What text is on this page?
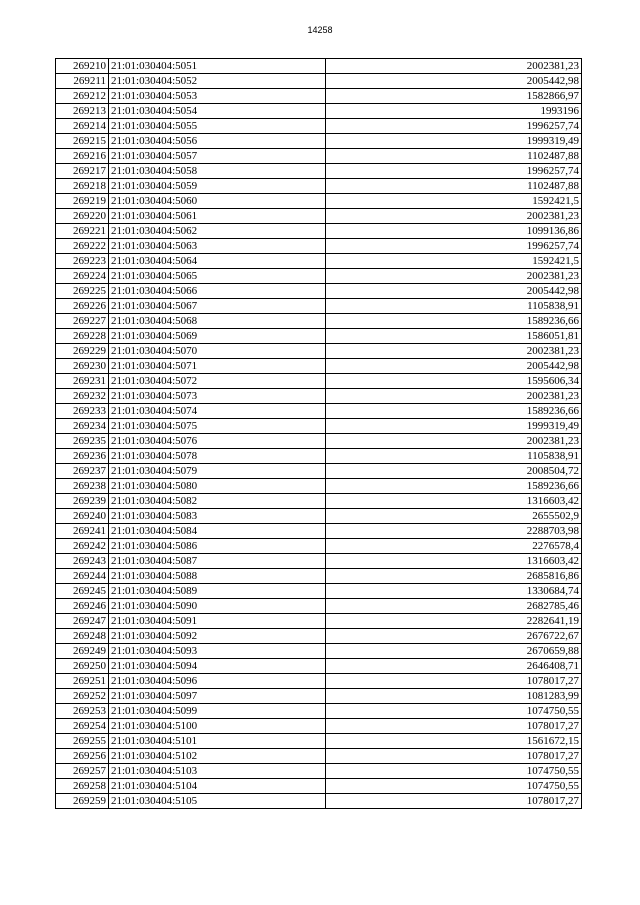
14258
269210	21:01:030404:5051	2002381,23
269211	21:01:030404:5052	2005442,98
269212	21:01:030404:5053	1582866,97
269213	21:01:030404:5054	1993196
269214	21:01:030404:5055	1996257,74
269215	21:01:030404:5056	1999319,49
269216	21:01:030404:5057	1102487,88
269217	21:01:030404:5058	1996257,74
269218	21:01:030404:5059	1102487,88
269219	21:01:030404:5060	1592421,5
269220	21:01:030404:5061	2002381,23
269221	21:01:030404:5062	1099136,86
269222	21:01:030404:5063	1996257,74
269223	21:01:030404:5064	1592421,5
269224	21:01:030404:5065	2002381,23
269225	21:01:030404:5066	2005442,98
269226	21:01:030404:5067	1105838,91
269227	21:01:030404:5068	1589236,66
269228	21:01:030404:5069	1586051,81
269229	21:01:030404:5070	2002381,23
269230	21:01:030404:5071	2005442,98
269231	21:01:030404:5072	1595606,34
269232	21:01:030404:5073	2002381,23
269233	21:01:030404:5074	1589236,66
269234	21:01:030404:5075	1999319,49
269235	21:01:030404:5076	2002381,23
269236	21:01:030404:5078	1105838,91
269237	21:01:030404:5079	2008504,72
269238	21:01:030404:5080	1589236,66
269239	21:01:030404:5082	1316603,42
269240	21:01:030404:5083	2655502,9
269241	21:01:030404:5084	2288703,98
269242	21:01:030404:5086	2276578,4
269243	21:01:030404:5087	1316603,42
269244	21:01:030404:5088	2685816,86
269245	21:01:030404:5089	1330684,74
269246	21:01:030404:5090	2682785,46
269247	21:01:030404:5091	2282641,19
269248	21:01:030404:5092	2676722,67
269249	21:01:030404:5093	2670659,88
269250	21:01:030404:5094	2646408,71
269251	21:01:030404:5096	1078017,27
269252	21:01:030404:5097	1081283,99
269253	21:01:030404:5099	1074750,55
269254	21:01:030404:5100	1078017,27
269255	21:01:030404:5101	1561672,15
269256	21:01:030404:5102	1078017,27
269257	21:01:030404:5103	1074750,55
269258	21:01:030404:5104	1074750,55
269259	21:01:030404:5105	1078017,27
